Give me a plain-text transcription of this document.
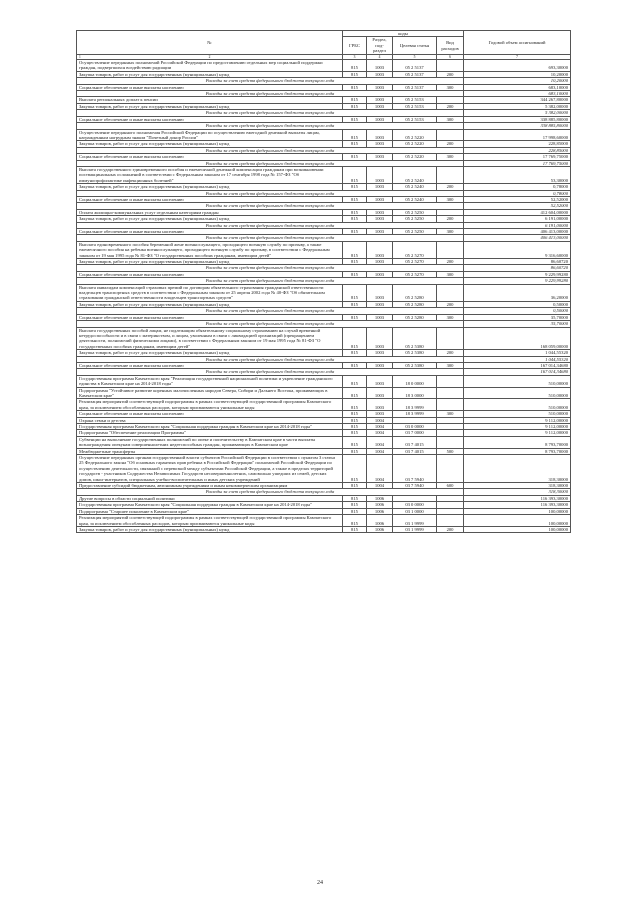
№	коды				Годовой объем ассигнований
	ГРБС	Раздел, под-раздел	Целевая статья	Вид расходов	

1 2	3	4	5	6	7
Осуществление переданных полномочий Российской Федерации по предоставлению отдельных мер социальной поддержки граждан, подвергшихся воздействию радиации	815	1003	05 2 5137		693,30000
Закупка товаров, работ и услуг для государственных (муниципальных) нужд	815	1003	05 2 5137	200	10,20000
Расходы за счет средств федерального бюджета текущего года					10,20000
Социальное обеспечение и иные выплаты населению	815	1003	05 2 5137	300	683,10000
Расходы за счет средств федерального бюджета текущего года					683,10000
Выплата региональных доплат к пенсии	815	1003	05 2 5153		344 267,80000
Закупка товаров, работ и услуг для государственных (муниципальных) нужд	815	1003	05 2 5153	200	5 382,00000
Расходы за счет средств федерального бюджета текущего года					5 382,00000
Социальное обеспечение и иные выплаты населению	815	1003	05 2 5153	300	338 885,80000
Расходы за счет средств федерального бюджета текущего года					338 885,80000
Осуществление переданного полномочия Российской Федерации по осуществлению ежегодной денежной выплаты лицам, награжденным нагрудным знаком "Почетный донор России"	815	1003	05 2 5220		17 998,60000
Закупка товаров, работ и услуг для государственных (муниципальных) нужд	815	1003	05 2 5220	200	228,85000
Расходы за счет средств федерального бюджета текущего года					228,85000
Социальное обеспечение и иные выплаты населению	815	1003	05 2 5220	300	17 769,75000
Расходы за счет средств федерального бюджета текущего года					17 769,75000
Выплата государственного единовременного пособия и ежемесячной денежной компенсации гражданам при возникновении поствакцинальных осложнений в соответствии с Федеральным законом от 17 сентября 1998 года № 157-ФЗ "Об иммунопрофилактике инфекционных болезней"	815	1003	05 2 5240		53,30000
Закупка товаров, работ и услуг для государственных (муниципальных) нужд	815	1003	05 2 5240	200	0,78000
Расходы за счет средств федерального бюджета текущего года					0,78000
Социальное обеспечение и иные выплаты населению	815	1003	05 2 5240	300	52,52000
Расходы за счет средств федерального бюджета текущего года					52,52000
Оплата жилищно-коммунальных услуг отдельным категориям граждан	815	1003	05 2 5250		412 604,00000
Закупка товаров, работ и услуг для государственных (муниципальных) нужд	815	1003	05 2 5250	200	6 191,00000
Расходы за счет средств федерального бюджета текущего года					6 191,00000
Социальное обеспечение и иные выплаты населению	815	1003	05 2 5250	300	406 413,00000
Расходы за счет средств федерального бюджета текущего года					406 413,00000
Выплата единовременного пособия беременной жене военнослужащего, проходящего военную службу по призыву, а также ежемесячного пособия на ребенка военнослужащего, проходящего военную службу по призыву, в соответствии с Федеральным законом от 19 мая 1995 года № 81-ФЗ "О государственных пособиях гражданам, имеющим детей"	815	1003	05 2 5270		9 316,60000
Закупка товаров, работ и услуг для государственных (муниципальных) нужд	815	1003	05 2 5270	200	86,60720
Расходы за счет средств федерального бюджета текущего года					86,60720
Социальное обеспечение и иные выплаты населению	815	1003	05 2 5270	300	9 229,99280
Расходы за счет средств федерального бюджета текущего года					9 229,99280
Выплата инвалидам компенсаций страховых премий по договорам обязательного страхования гражданской ответственности владельцев транспортных средств в соответствии с Федеральным законом от 25 апреля 2002 года № 40-ФЗ "Об обязательном страховании гражданской ответственности владельцев транспортных средств"	815	1003	05 2 5280		36,20000
Закупка товаров, работ и услуг для государственных (муниципальных) нужд	815	1003	05 2 5280	200	0,50000
Расходы за счет средств федерального бюджета текущего года					0,50000
Социальное обеспечение и иные выплаты населению	815	1003	05 2 5280	300	35,70000
Расходы за счет средств федерального бюджета текущего года					35,70000
Выплата государственных пособий лицам, не подлежащим обязательному социальному страхованию на случай временной нетрудоспособности и в связи с материнством, и лицам, уволенным в связи с ликвидацией организаций (прекращением деятельности, полномочий физическими лицами), в соответствии с Федеральным законом от 19 мая 1995 года № 81-ФЗ "О государственных пособиях гражданам, имеющим детей"	815	1003	05 2 5380		168 059,00000
Закупка товаров, работ и услуг для государственных (муниципальных) нужд	815	1003	05 2 5380	200	1 044,55320
Расходы за счет средств федерального бюджета текущего года					1 044,55320
Социальное обеспечение и иные выплаты населению	815	1003	05 2 5380	300	167 014,34680
Расходы за счет средств федерального бюджета текущего года					167 014,34680
Государственная программа Камчатского края "Реализация государственной национальной политики и укрепление гражданского единства в Камчатском крае на 2014-2018 годы"	815	1003	18 0 0000		510,00000
Подпрограмма "Устойчивое развитие коренных малочисленных народов Севера, Сибири и Дальнего Востока, проживающих в Камчатском крае"	815	1003	18 3 0000		510,00000
Реализация мероприятий соответствующей подпрограммы в рамках соответствующей государственной программы Камчатского края, за исключением обособленных расходов, которым присваиваются уникальные коды	815	1003	18 3 9999		510,00000
Социальное обеспечение и иные выплаты населению	815	1003	18 3 9999	300	510,00000
Охрана семьи и детства	815	1004			9 112,00000
Государственная программа Камчатского края "Социальная поддержка граждан в Камчатском крае на 2014-2018 годы"	815	1004	03 0 0000		9 112,00000
Подпрограмма "Обеспечение реализации Программы"	815	1004	03 7 0000		9 112,00000
Субвенции на выполнение государственных полномочий по опеке и попечительству в Камчатском крае в части выплаты вознаграждения опекунам совершеннолетних недееспособных граждан, проживающих в Камчатском крае	815	1004	03 7 4015		8 793,70000
Межбюджетные трансферты	815	1004	03 7 4015	500	8 793,70000
Осуществление переданных органам государственной власти субъектов Российской Федерации в соответствии с пунктом 3 статьи 25 Федерального закона "Об основных гарантиях прав ребенка в Российской Федерации" полномочий Российской Федерации по осуществлению деятельности, связанной с перевозкой между субъектами Российской Федерации, а также в пределах территорий государств - участников Содружества Независимых Государств несовершеннолетних, самовольно ушедших из семей, детских домов, школ-интернатов, специальных учебно-воспитательных и иных детских учреждений	815	1004	03 7 5940		318,30000
Предоставление субсидий бюджетным, автономным учреждениям и иным некоммерческим организациям	815	1004	03 7 5940	600	318,30000
Расходы за счет средств федерального бюджета текущего года					318,30000
Другие вопросы в области социальной политики	815	1006			116 393,30000
Государственная программа Камчатского края "Социальная поддержка граждан в Камчатском крае на 2014-2018 годы"	815	1006	03 0 0000		116 393,30000
Подпрограмма "Старшее поколение в Камчатском крае"	815	1006	03 1 0000		100,00000
Реализация мероприятий соответствующей подпрограммы в рамках соответствующей государственной программы Камчатского края, за исключением обособленных расходов, которым присваиваются уникальные коды	815	1006	03 1 9999		100,00000
Закупка товаров, работ и услуг для государственных (муниципальных) нужд	815	1006	03 1 9999	200	100,00000
24
